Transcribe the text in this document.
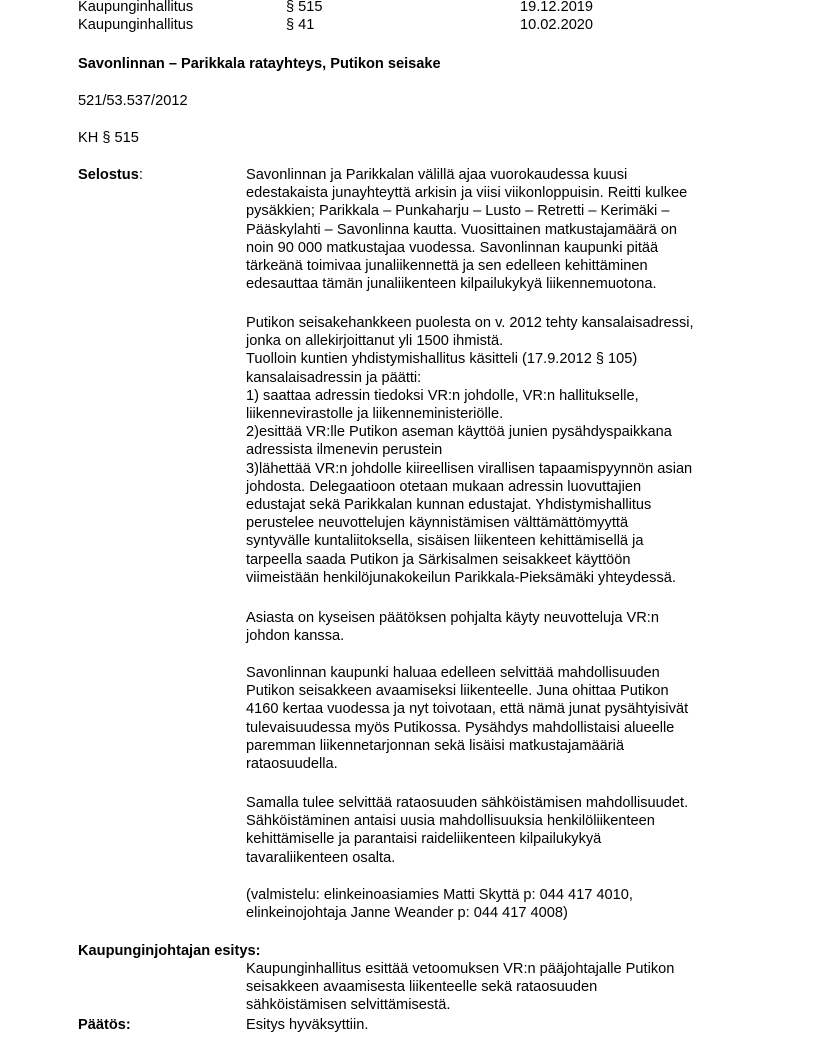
Kaupunginhallitus	§ 515	19.12.2019
Kaupunginhallitus	§ 41	10.02.2020
Savonlinnan – Parikkala ratayhteys, Putikon seisake
521/53.537/2012
KH § 515
Selostus:	Savonlinnan ja Parikkalan välillä ajaa vuorokaudessa kuusi

edestakaista junayhteyttä arkisin ja viisi viikonloppuisin. Reitti kulkee

pysäkkien; Parikkala – Punkaharju – Lusto – Retretti – Kerimäki –

Pääskylahti – Savonlinna kautta. Vuosittainen matkustajamäärä on

noin 90 000 matkustajaa vuodessa. Savonlinnan kaupunki pitää

tärkeänä toimivaa junaliikennettä ja sen edelleen kehittäminen

edesauttaa tämän junaliikenteen kilpailukykyä liikennemuotona.

Putikon seisakehankkeen puolesta on v. 2012 tehty kansalaisadressi,

jonka on allekirjoittanut yli 1500 ihmistä.

Tuolloin kuntien yhdistymishallitus käsitteli (17.9.2012 § 105)

kansalaisadressin ja päätti:

1) saattaa adressin tiedoksi VR:n johdolle, VR:n hallitukselle,

liikennevirastolle ja liikenneministeriölle.

2)esittää VR:lle Putikon aseman käyttöä junien pysähdyspaikkana

adressista ilmenevin perustein

3)lähettää VR:n johdolle kiireellisen virallisen tapaamispyynnön asian

johdosta. Delegaatioon otetaan mukaan adressin luovuttajien

edustajat sekä Parikkalan kunnan edustajat. Yhdistymishallitus

perustelee neuvottelujen käynnistämisen välttämättömyyttä

syntyvälle kuntaliitoksella, sisäisen liikenteen kehittämisellä ja

tarpeella saada Putikon ja Särkisalmen seisakkeet käyttöön

viimeistään henkilöjunakokeilun Parikkala-Pieksämäki yhteydessä.

Asiasta on kyseisen päätöksen pohjalta käyty neuvotteluja VR:n

johdon kanssa.

Savonlinnan kaupunki haluaa edelleen selvittää mahdollisuuden

Putikon seisakkeen avaamiseksi liikenteelle. Juna ohittaa Putikon

4160 kertaa vuodessa ja nyt toivotaan, että nämä junat pysähtyisivät

tulevaisuudessa myös Putikossa. Pysähdys mahdollistaisi alueelle

paremman liikennetarjonnan sekä lisäisi matkustajamääriä

rataosuudella.

Samalla tulee selvittää rataosuuden sähköistämisen mahdollisuudet.

Sähköistäminen antaisi uusia mahdollisuuksia henkilöliikenteen

kehittämiselle ja parantaisi raideliikenteen kilpailukykyä

tavaraliikenteen osalta.

(valmistelu: elinkeinoasiamies Matti Skyttä p: 044 417 4010,

elinkeinojohtaja Janne Weander p: 044 417 4008)

Kaupunginjohtajan esitys:

Kaupunginhallitus esittää vetoomuksen VR:n pääjohtajalle Putikon

seisakkeen avaamisesta liikenteelle sekä rataosuuden

sähköistämisen selvittämisestä.

Päätös:	Esitys hyväksyttiin.
